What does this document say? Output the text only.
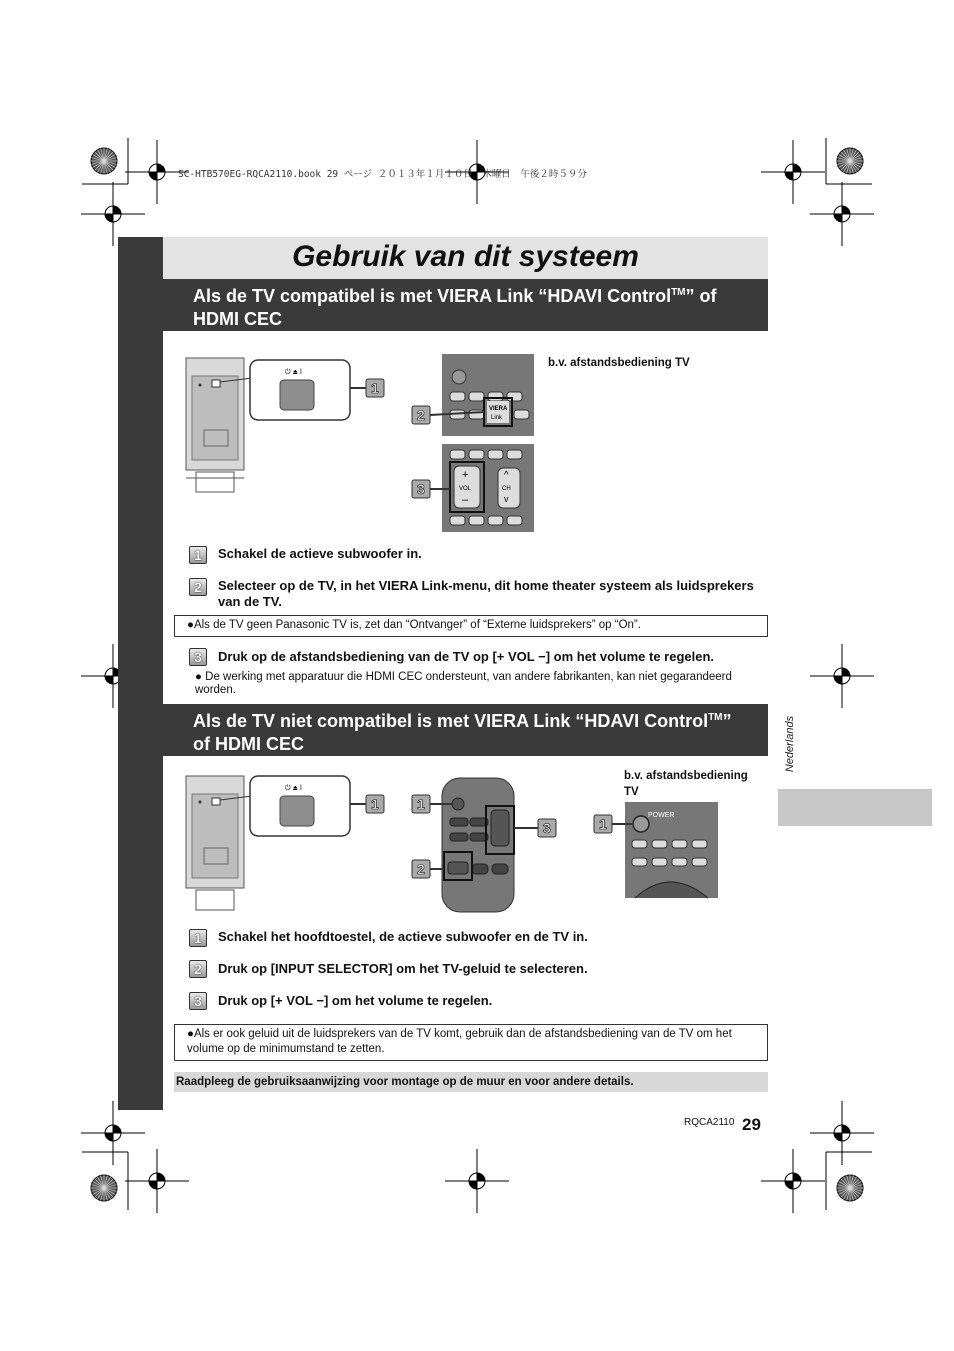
SC-HTB570EG-RQCA2110.book 29 ページ ２０１３年１月１０日　木曜日　午後２時５９分
Gebruik van dit systeem
Als de TV compatibel is met VIERA Link “HDAVI Control™” of HDMI CEC
⏻ ⏏ ǀ
VIERA
Link
+
VOL
–
CH
^
v
1
2
3
b.v. afstandsbediening TV
1	Schakel de actieve subwoofer in.
2	Selecteer op de TV, in het VIERA Link-menu, dit home theater systeem als luidsprekers van de TV.
●Als de TV geen Panasonic TV is, zet dan “Ontvanger” of “Externe luidsprekers” op “On”.
3	Druk op de afstandsbediening van de TV op [+ VOL −] om het volume te regelen.
● De werking met apparatuur die HDMI CEC ondersteunt, van andere fabrikanten, kan niet gegarandeerd worden.
Als de TV niet compatibel is met VIERA Link “HDAVI Control™” of HDMI CEC
⏻ ⏏ ǀ
1	1
2
3	1
POWER
b.v. afstandsbediening TV
1	Schakel het hoofdtoestel, de actieve subwoofer en de TV in.
2	Druk op [INPUT SELECTOR] om het TV-geluid te selecteren.
3	Druk op [+ VOL −] om het volume te regelen.
●Als er ook geluid uit de luidsprekers van de TV komt, gebruik dan de afstandsbediening van de TV om het volume op de minimumstand te zetten.
Raadpleeg de gebruiksaanwijzing voor montage op de muur en voor andere details.
Nederlands
RQCA2110 29
